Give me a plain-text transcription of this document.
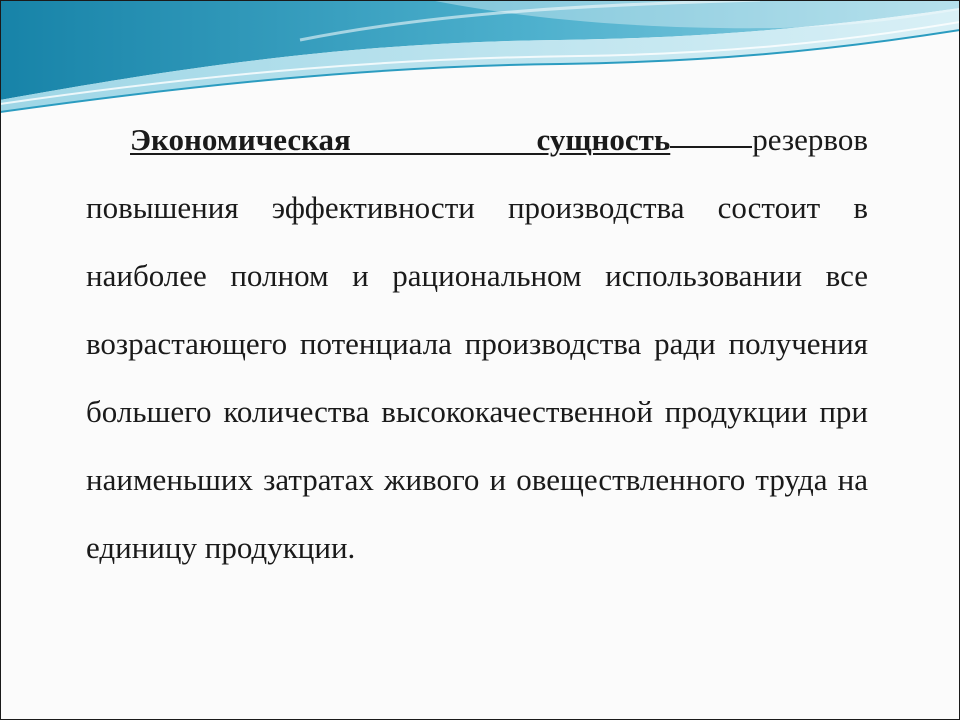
Экономическая сущность	резервов повышения эффективности производства состоит в наиболее полном и рациональном использовании все возрастающего потенциала производства ради получения большего количества высококачественной продукции при наименьших затратах живого и овеществленного труда на единицу продукции.
